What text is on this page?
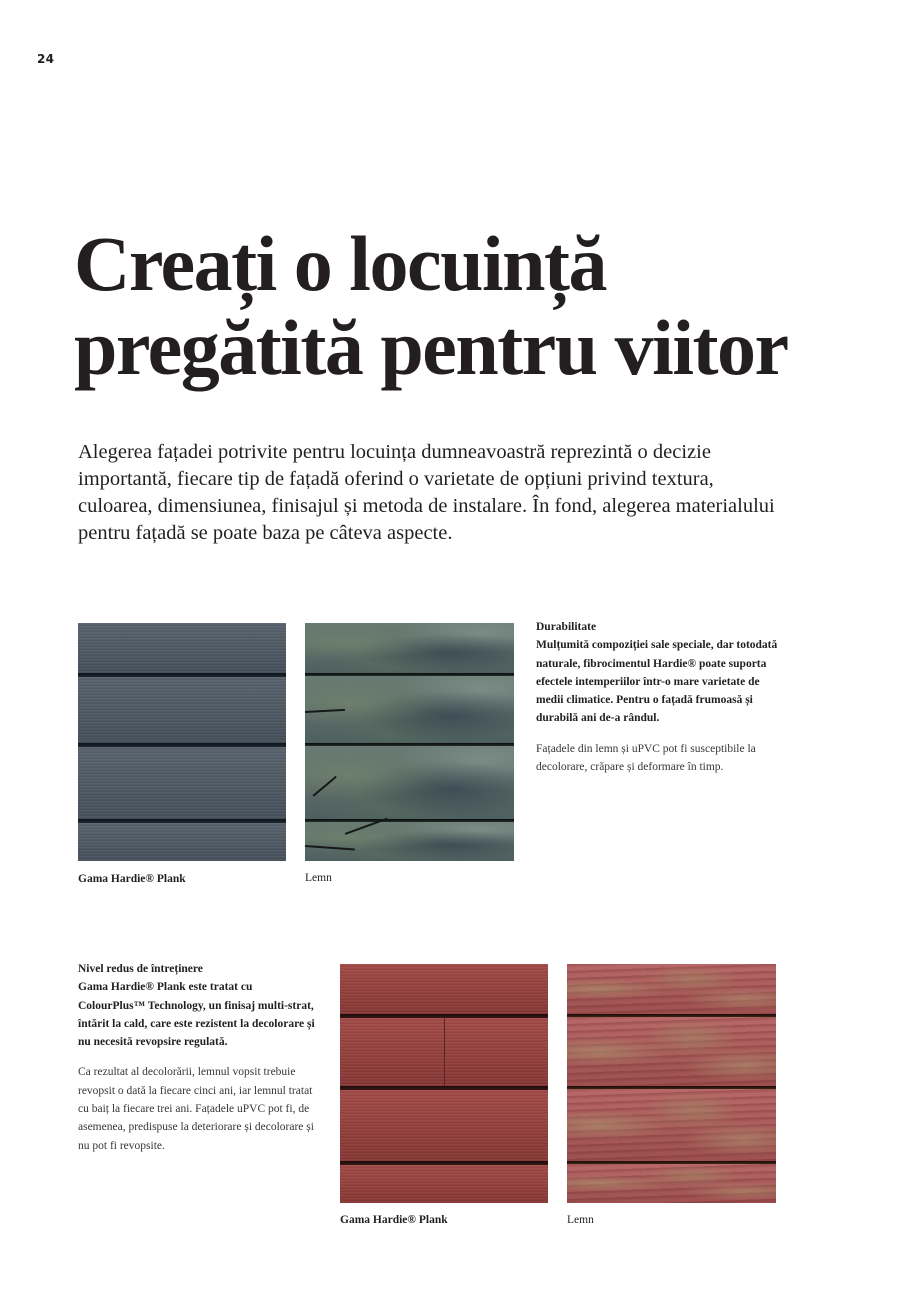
24
Creați o locuință
pregătită pentru viitor

Alegerea fațadei potrivite pentru locuința dumneavoastră reprezintă o decizie importantă, fiecare tip de fațadă oferind o varietate de opțiuni privind textura, culoarea, dimensiunea, finisajul și metoda de instalare. În fond, alegerea materialului pentru fațadă se poate baza pe câteva aspecte.

Gama Hardie® Plank	Lemn
Durabilitate
Mulțumită compoziției sale speciale, dar totodată naturale, fibrocimentul Hardie® poate suporta efectele intemperiilor într-o mare varietate de medii climatice. Pentru o fațadă frumoasă și durabilă ani de-a rândul.
Fațadele din lemn și uPVC pot fi susceptibile la decolorare, crăpare și deformare în timp.
Nivel redus de întreținere
Gama Hardie® Plank este tratat cu ColourPlus™ Technology, un finisaj multi-strat, întărit la cald, care este rezistent la decolorare și nu necesită revopsire regulată.
Ca rezultat al decolorării, lemnul vopsit trebuie revopsit o dată la fiecare cinci ani, iar lemnul tratat cu baiț la fiecare trei ani. Fațadele uPVC pot fi, de asemenea, predispuse la deteriorare și decolorare și nu pot fi revopsite.
Gama Hardie® Plank	Lemn
